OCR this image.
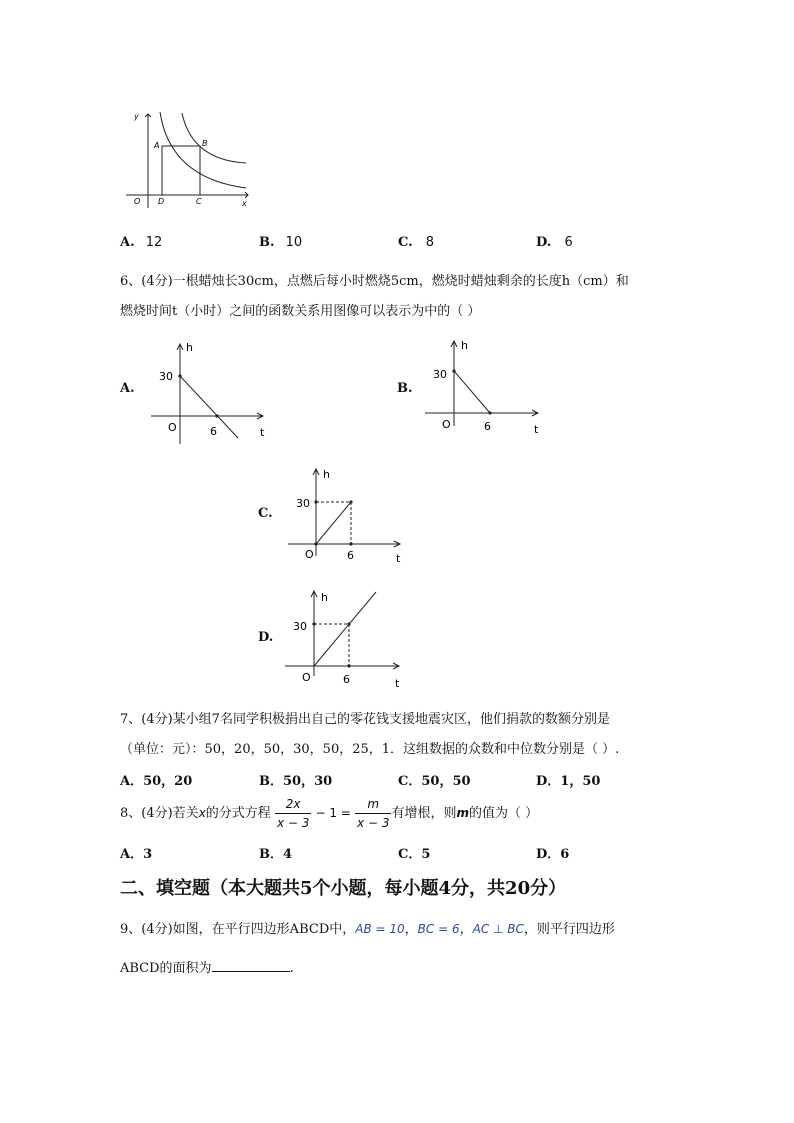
y
x
O
A	B
C
D
A. 12	B. 10	C. 8	D. 6
6、(4分)一根蜡烛长30cm，点燃后每小时燃烧5cm，燃烧时蜡烛剩余的长度h（cm）和
燃烧时间t（小时）之间的函数关系用图像可以表示为中的（ ）
A.
h
30
O	6	t
B.
h
30
O	6	t
C.
h
30
O	6	t
D.
h
30
O	6	t
7、(4分)某小组7名同学积极捐出自己的零花钱支援地震灾区，他们捐款的数额分别是
（单位：元）：50，20，50，30，50，25，1．这组数据的众数和中位数分别是（ ）.
A．50，20	B．50，30	C．50，50	D．1，50
8、(4分)若关x的分式方程 $\frac{2x}{x - 3} - 1 = \frac{m}{x - 3}$ 有增根，则m的值为（ ）
A．3	B．4	C．5	D．6
二、填空题（本大题共5个小题，每小题4分，共20分）
9、(4分)如图，在平行四边形ABCD中，AB = 10，BC = 6，AC ⊥ BC，则平行四边形
ABCD的面积为	.
